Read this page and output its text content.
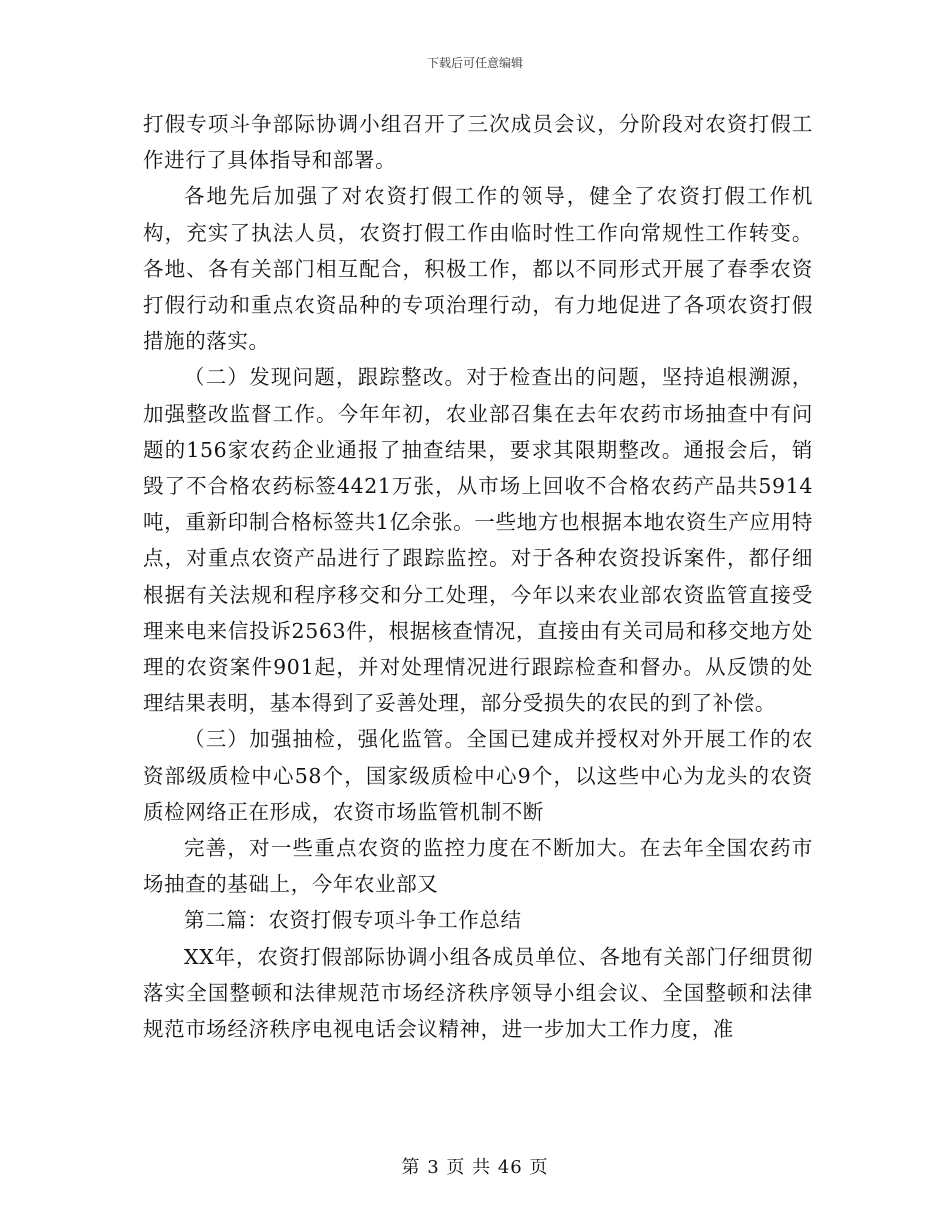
下载后可任意编辑

打假专项斗争部际协调小组召开了三次成员会议，分阶段对农资打假工作进行了具体指导和部署。

各地先后加强了对农资打假工作的领导，健全了农资打假工作机构，充实了执法人员，农资打假工作由临时性工作向常规性工作转变。各地、各有关部门相互配合，积极工作，都以不同形式开展了春季农资打假行动和重点农资品种的专项治理行动，有力地促进了各项农资打假措施的落实。

（二）发现问题，跟踪整改。对于检查出的问题，坚持追根溯源，加强整改监督工作。今年年初，农业部召集在去年农药市场抽查中有问题的156家农药企业通报了抽查结果，要求其限期整改。通报会后，销毁了不合格农药标签4421万张，从市场上回收不合格农药产品共5914吨，重新印制合格标签共1亿余张。一些地方也根据本地农资生产应用特点，对重点农资产品进行了跟踪监控。对于各种农资投诉案件，都仔细根据有关法规和程序移交和分工处理，今年以来农业部农资监管直接受理来电来信投诉2563件，根据核查情况，直接由有关司局和移交地方处理的农资案件901起，并对处理情况进行跟踪检查和督办。从反馈的处理结果表明，基本得到了妥善处理，部分受损失的农民的到了补偿。

（三）加强抽检，强化监管。全国已建成并授权对外开展工作的农资部级质检中心58个，国家级质检中心9个，以这些中心为龙头的农资质检网络正在形成，农资市场监管机制不断

完善，对一些重点农资的监控力度在不断加大。在去年全国农药市场抽查的基础上，今年农业部又

第二篇：农资打假专项斗争工作总结

XX年，农资打假部际协调小组各成员单位、各地有关部门仔细贯彻落实全国整顿和法律规范市场经济秩序领导小组会议、全国整顿和法律规范市场经济秩序电视电话会议精神，进一步加大工作力度，准

第 3 页 共 46 页
